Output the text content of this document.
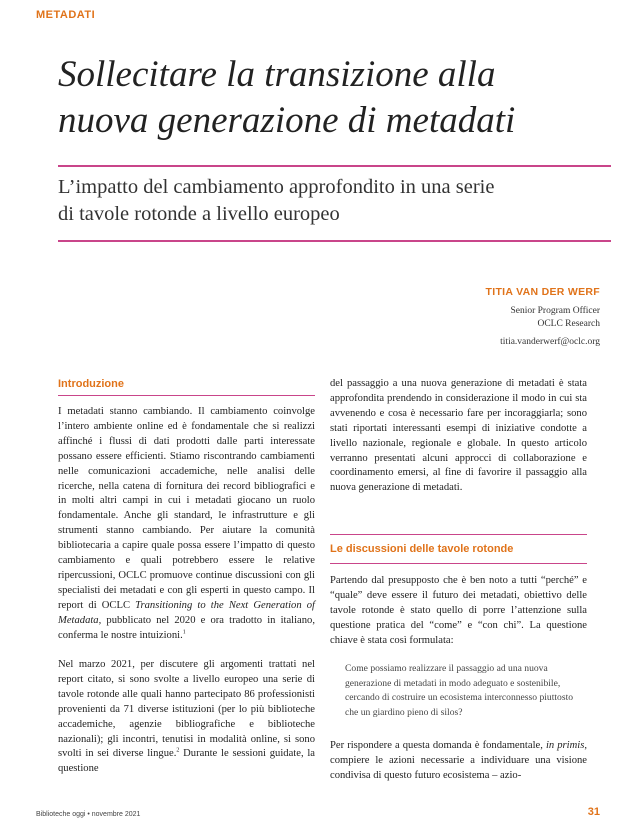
METADATI
Sollecitare la transizione alla
nuova generazione di metadati
L’impatto del cambiamento approfondito in una serie
di tavole rotonde a livello europeo
TITIA VAN DER WERF
Senior Program Officer
OCLC Research
titia.vanderwerf@oclc.org
Introduzione
I metadati stanno cambiando. Il cambiamento coinvolge l’intero ambiente online ed è fondamentale che si realizzi affinché i flussi di dati prodotti dalle parti interessate possano essere efficienti. Stiamo riscontrando cambiamenti nelle comunicazioni accademiche, nelle analisi delle ricerche, nella catena di fornitura dei record bibliografici e in molti altri campi in cui i metadati giocano un ruolo fondamentale. Anche gli standard, le infrastrutture e gli strumenti stanno cambiando. Per aiutare la comunità bibliotecaria a capire quale possa essere l’impatto di questo cambiamento e quali potrebbero essere le relative ripercussioni, OCLC promuove continue discussioni con gli specialisti dei metadati e con gli esperti in questo campo. Il report di OCLC Transitioning to the Next Generation of Metadata, pubblicato nel 2020 e ora tradotto in italiano, conferma le nostre intuizioni.$^1$
Nel marzo 2021, per discutere gli argomenti trattati nel report citato, si sono svolte a livello europeo una serie di tavole rotonde alle quali hanno partecipato 86 professionisti provenienti da 71 diverse istituzioni (per lo più biblioteche accademiche, agenzie bibliografiche e biblioteche nazionali); gli incontri, tenutisi in modalità online, si sono svolti in sei diverse lingue.$^2$ Durante le sessioni guidate, la questione
del passaggio a una nuova generazione di metadati è stata approfondita prendendo in considerazione il modo in cui sta avvenendo e cosa è necessario fare per incoraggiarla; sono stati riportati interessanti esempi di iniziative condotte a livello nazionale, regionale e globale. In questo articolo verranno presentati alcuni approcci di collaborazione e coordinamento emersi, al fine di favorire il passaggio alla nuova generazione di metadati.
Le discussioni delle tavole rotonde
Partendo dal presupposto che è ben noto a tutti “perché” e “quale” deve essere il futuro dei metadati, obiettivo delle tavole rotonde è stato quello di porre l’attenzione sulla questione pratica del “come” e “con chi”. La questione chiave è stata così formulata:
Come possiamo realizzare il passaggio ad una nuova generazione di metadati in modo adeguato e sostenibile, cercando di costruire un ecosistema interconnesso piuttosto che un giardino pieno di silos?
Per rispondere a questa domanda è fondamentale, in primis, compiere le azioni necessarie a individuare una visione condivisa di questo futuro ecosistema – azio-
Biblioteche oggi • novembre 2021	31
